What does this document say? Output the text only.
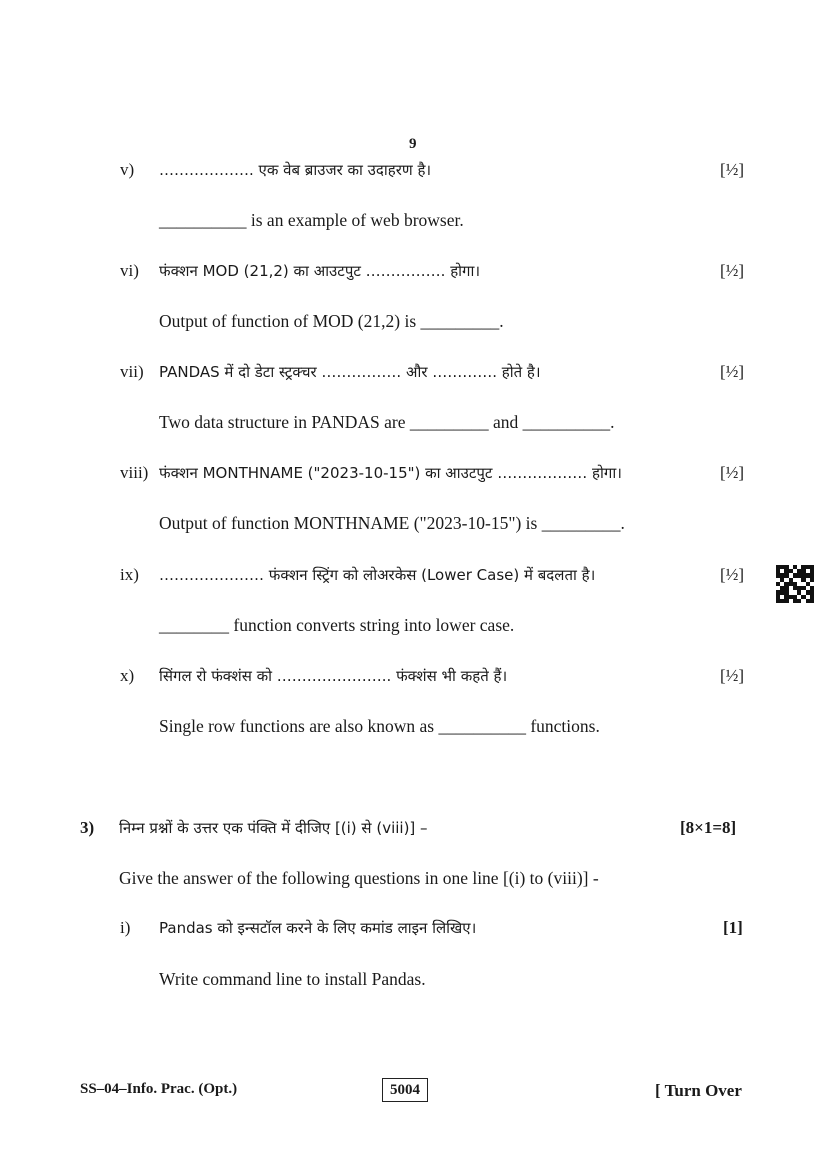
9
v) ………………. एक वेब ब्राउजर का उदाहरण है।	[½]
__________ is an example of web browser.
vi) फंक्शन MOD (21,2) का आउटपुट ……………. होगा।	[½]
Output of function of MOD (21,2) is _________.
vii) PANDAS में दो डेटा स्ट्रक्चर ……………. और …………. होते है।	[½]
Two data structure in PANDAS are _________ and __________.
viii) फंक्शन MONTHNAME ("2023-10-15") का आउटपुट ……………… होगा।	[½]
Output of function MONTHNAME ("2023-10-15") is _________.
ix) ………………… फंक्शन स्ट्रिंग को लोअरकेस (Lower Case) में बदलता है।	[½]
________ function converts string into lower case.
x) सिंगल रो फंक्शंस को ………………….. फंक्शंस भी कहते हैं।	[½]
Single row functions are also known as __________ functions.
3) निम्न प्रश्नों के उत्तर एक पंक्ति में दीजिए [(i) से (viii)] –	[8×1=8]
Give the answer of the following questions in one line [(i) to (viii)] -
i) Pandas को इन्सटॉल करने के लिए कमांड लाइन लिखिए।	[1]
Write command line to install Pandas.
SS–04–Info. Prac. (Opt.)	5004	[ Turn Over
